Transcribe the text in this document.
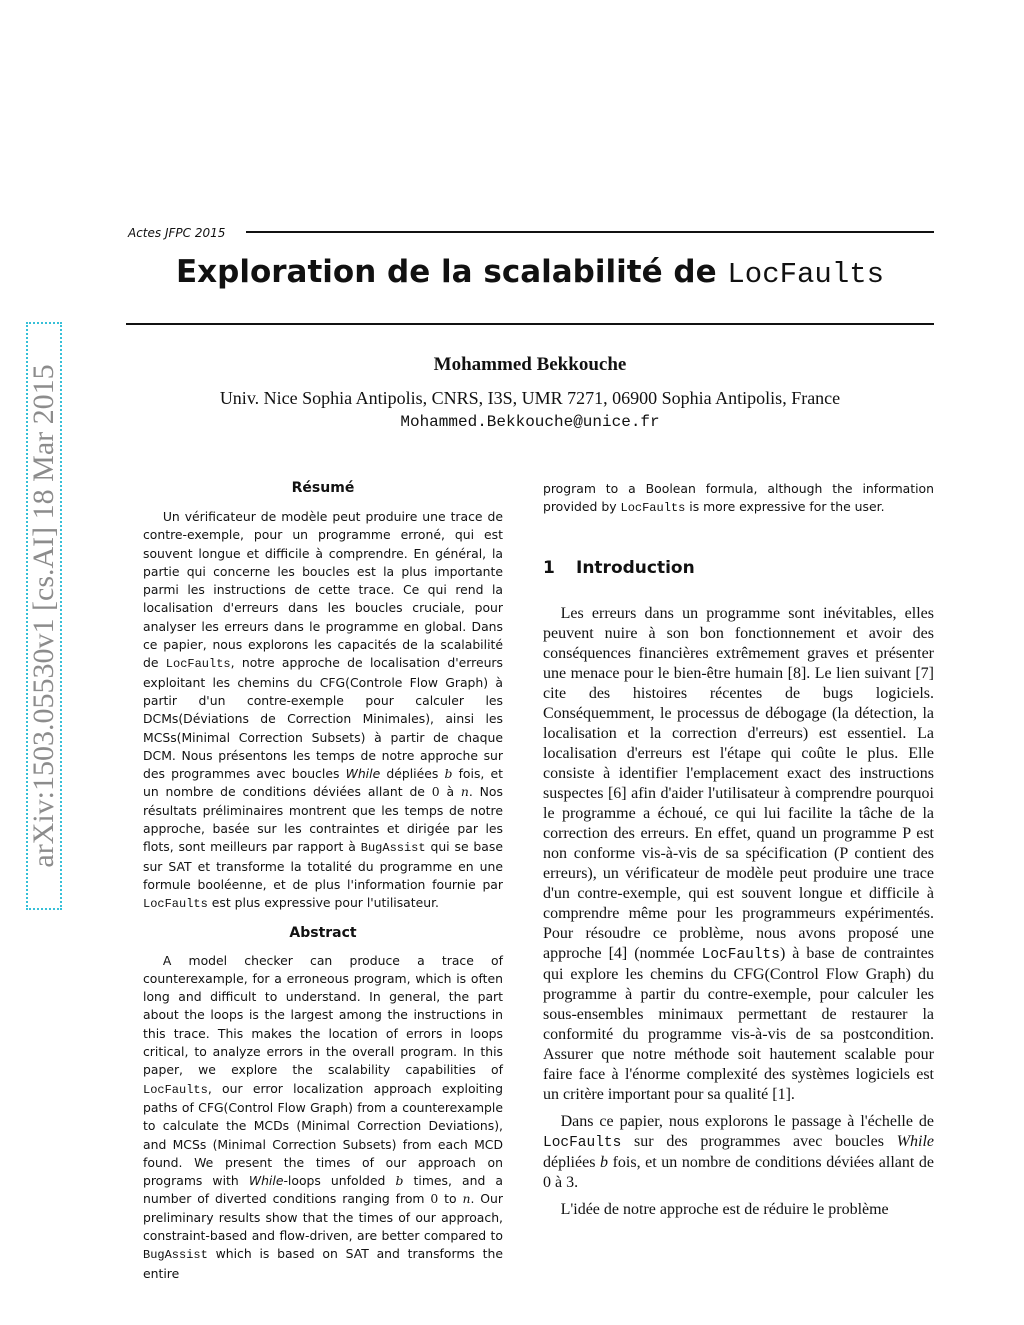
arXiv:1503.05530v1 [cs.AI] 18 Mar 2015
Actes JFPC 2015
Exploration de la scalabilité de LocFaults
Mohammed Bekkouche
Univ. Nice Sophia Antipolis, CNRS, I3S, UMR 7271, 06900 Sophia Antipolis, France
Mohammed.Bekkouche@unice.fr
Résumé

Un vérificateur de modèle peut produire une trace de contre-exemple, pour un programme erroné, qui est souvent longue et difficile à comprendre. En général, la partie qui concerne les boucles est la plus importante parmi les instructions de cette trace. Ce qui rend la localisation d'erreurs dans les boucles cruciale, pour analyser les erreurs dans le programme en global. Dans ce papier, nous explorons les capacités de la scalabilité de LocFaults, notre approche de localisation d'erreurs exploitant les chemins du CFG(Controle Flow Graph) à partir d'un contre-exemple pour calculer les DCMs(Déviations de Correction Minimales), ainsi les MCSs(Minimal Correction Subsets) à partir de chaque DCM. Nous présentons les temps de notre approche sur des programmes avec boucles While dépliées b fois, et un nombre de conditions déviées allant de 0 à n. Nos résultats préliminaires montrent que les temps de notre approche, basée sur les contraintes et dirigée par les flots, sont meilleurs par rapport à BugAssist qui se base sur SAT et transforme la totalité du programme en une formule booléenne, et de plus l'information fournie par LocFaults est plus expressive pour l'utilisateur.

Abstract

A model checker can produce a trace of counterexample, for a erroneous program, which is often long and difficult to understand. In general, the part about the loops is the largest among the instructions in this trace. This makes the location of errors in loops critical, to analyze errors in the overall program. In this paper, we explore the scalability capabilities of LocFaults, our error localization approach exploiting paths of CFG(Control Flow Graph) from a counterexample to calculate the MCDs (Minimal Correction Deviations), and MCSs (Minimal Correction Subsets) from each MCD found. We present the times of our approach on programs with While-loops unfolded b times, and a number of diverted conditions ranging from 0 to n. Our preliminary results show that the times of our approach, constraint-based and flow-driven, are better compared to BugAssist which is based on SAT and transforms the entire

program to a Boolean formula, although the information provided by LocFaults is more expressive for the user.

1 Introduction

Les erreurs dans un programme sont inévitables, elles peuvent nuire à son bon fonctionnement et avoir des conséquences financières extrêmement graves et présenter une menace pour le bien-être humain [8]. Le lien suivant [7] cite des histoires récentes de bugs logiciels. Conséquemment, le processus de débogage (la détection, la localisation et la correction d'erreurs) est essentiel. La localisation d'erreurs est l'étape qui coûte le plus. Elle consiste à identifier l'emplacement exact des instructions suspectes [6] afin d'aider l'utilisateur à comprendre pourquoi le programme a échoué, ce qui lui facilite la tâche de la correction des erreurs. En effet, quand un programme P est non conforme vis-à-vis de sa spécification (P contient des erreurs), un vérificateur de modèle peut produire une trace d'un contre-exemple, qui est souvent longue et difficile à comprendre même pour les programmeurs expérimentés. Pour résoudre ce problème, nous avons proposé une approche [4] (nommée LocFaults) à base de contraintes qui explore les chemins du CFG(Control Flow Graph) du programme à partir du contre-exemple, pour calculer les sous-ensembles minimaux permettant de restaurer la conformité du programme vis-à-vis de sa postcondition. Assurer que notre méthode soit hautement scalable pour faire face à l'énorme complexité des systèmes logiciels est un critère important pour sa qualité [1].

Dans ce papier, nous explorons le passage à l'échelle de LocFaults sur des programmes avec boucles While dépliées b fois, et un nombre de conditions déviées allant de 0 à 3.

L'idée de notre approche est de réduire le problème
